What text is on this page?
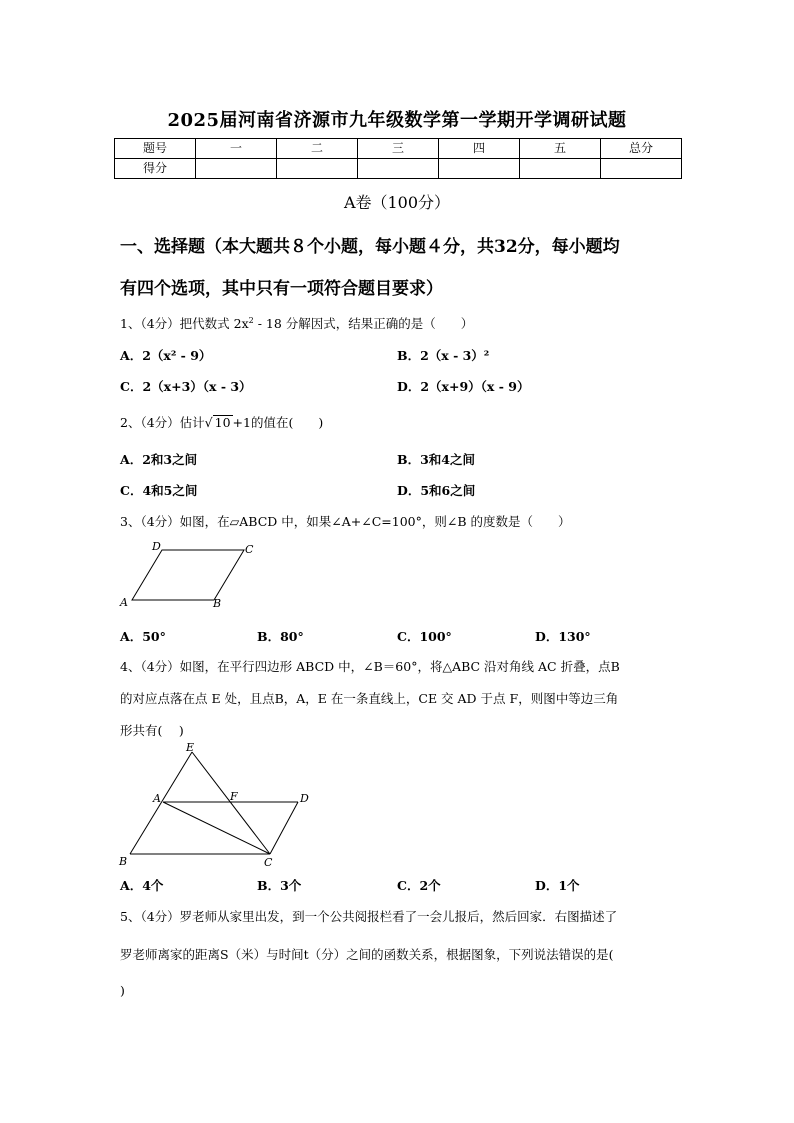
2025届河南省济源市九年级数学第一学期开学调研试题
题号	一	二	三	四	五	总分
得分						
A卷（100分）
一、选择题（本大题共８个小题，每小题４分，共32分，每小题均
有四个选项，其中只有一项符合题目要求）
1、（4分）把代数式 $2x^2 - 18$ 分解因式，结果正确的是（　　）
A．2（x² - 9）	B．2（x - 3）²
C．2（x+3）（x - 3）	D．2（x+9）（x - 9）
2、（4分）估计√ 10 +1的值在(　　)
A．2和3之间	B．3和4之间
C．4和5之间	D．5和6之间
3、（4分）如图，在▱ABCD 中，如果∠A+∠C=100°，则∠B 的度数是（　　）
D	C
A	B
A．50°	B．80°	C．100°	D．130°
4、（4分）如图，在平行四边形 ABCD 中，∠B＝60°，将△ABC 沿对角线 AC 折叠，点B
的对应点落在点 E 处，且点B，A，E 在一条直线上，CE 交 AD 于点 F，则图中等边三角
形共有(　 )
E
A	F	D
B	C
A．4个	B．3个	C．2个	D．1个
5、（4分）罗老师从家里出发，到一个公共阅报栏看了一会儿报后，然后回家．右图描述了
罗老师离家的距离S（米）与时间t（分）之间的函数关系，根据图象，下列说法错误的是(
)
